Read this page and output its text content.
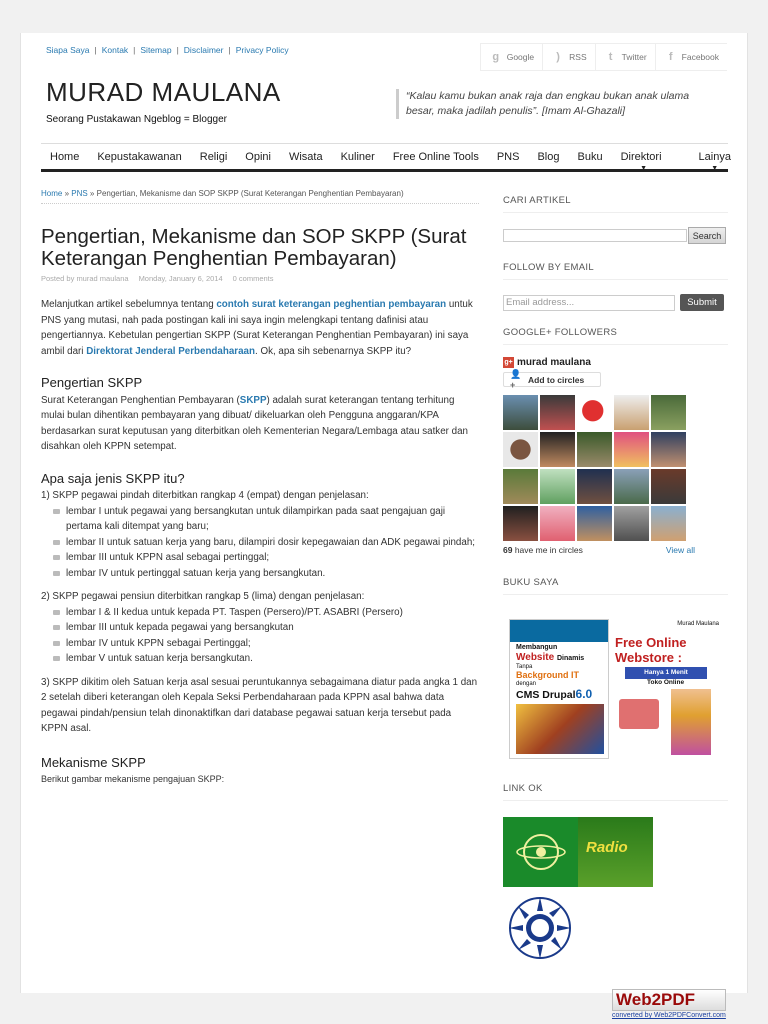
Siapa Saya | Kontak | Sitemap | Disclaimer | Privacy Policy
g Google	)	RSS	t	Twitter	f	Facebook
MURAD MAULANA

Seorang Pustakawan Ngeblog = Blogger

“Kalau kamu bukan anak raja dan engkau bukan anak ulama besar, maka jadilah penulis”. [Imam Al-Ghazali]
Home	Kepustakawanan	Religi	Opini	Wisata	Kuliner	Free Online Tools	PNS	Blog	Buku	Direktori
▼
Lainya
▼
Home » PNS » Pengertian, Mekanisme dan SOP SKPP (Surat Keterangan Penghentian Pembayaran)
Pengertian, Mekanisme dan SOP SKPP (Surat Keterangan Penghentian Pembayaran)
Posted by murad maulana Monday, January 6, 2014 0 comments

Melanjutkan artikel sebelumnya tentang contoh surat keterangan peghentian pembayaran untuk PNS yang mutasi, nah pada postingan kali ini saya ingin melengkapi tentang dafinisi atau pengertiannya. Kebetulan pengertian SKPP (Surat Keterangan Penghentian Pembayaran) ini saya ambil dari Direktorat Jenderal Perbendaharaan. Ok, apa sih sebenarnya SKPP itu?

Pengertian SKPP

Surat Keterangan Penghentian Pembayaran (SKPP) adalah surat keterangan tentang terhitung mulai bulan dihentikan pembayaran yang dibuat/ dikeluarkan oleh Pengguna anggaran/KPA berdasarkan surat keputusan yang diterbitkan oleh Kementerian Negara/Lembaga atau satker dan disahkan oleh KPPN setempat.

Apa saja jenis SKPP itu?

1) SKPP pegawai pindah diterbitkan rangkap 4 (empat) dengan penjelasan:

lembar I untuk pegawai yang bersangkutan untuk dilampirkan pada saat pengajuan gaji pertama kali ditempat yang baru;
lembar II untuk satuan kerja yang baru, dilampiri dosir kepegawaian dan ADK pegawai pindah;
lembar III untuk KPPN asal sebagai pertinggal;
lembar IV untuk pertinggal satuan kerja yang bersangkutan.

2) SKPP pegawai pensiun diterbitkan rangkap 5 (lima) dengan penjelasan:

lembar I & II kedua untuk kepada PT. Taspen (Persero)/PT. ASABRI (Persero)
lembar III untuk kepada pegawai yang bersangkutan
lembar IV untuk KPPN sebagai Pertinggal;
lembar V untuk satuan kerja bersangkutan.

3) SKPP dikitim oleh Satuan kerja asal sesuai peruntukannya sebagaimana diatur pada angka 1 dan 2 setelah diberi keterangan oleh Kepala Seksi Perbendaharaan pada KPPN asal bahwa data pegawai pindah/pensiun telah dinonaktifkan dari database pegawai satuan kerja tersebut pada KPPN asal.

Mekanisme SKPP

Berikut gambar mekanisme pengajuan SKPP:

CARI ARTIKEL
Search
FOLLOW BY EMAIL
Email address...	Submit
GOOGLE+ FOLLOWERS
g+ murad maulana
👤+
Add to circles
69 have me in circles	View all
BUKU SAYA
Membangun
Website Dinamis
Tanpa
Background IT
dengan
CMS Drupal6.0
Murad Maulana
Free Online
Webstore :
Hanya 1 Menit
Toko Online
LINK OK
Radio
Web2PDF
converted by Web2PDFConvert.com
